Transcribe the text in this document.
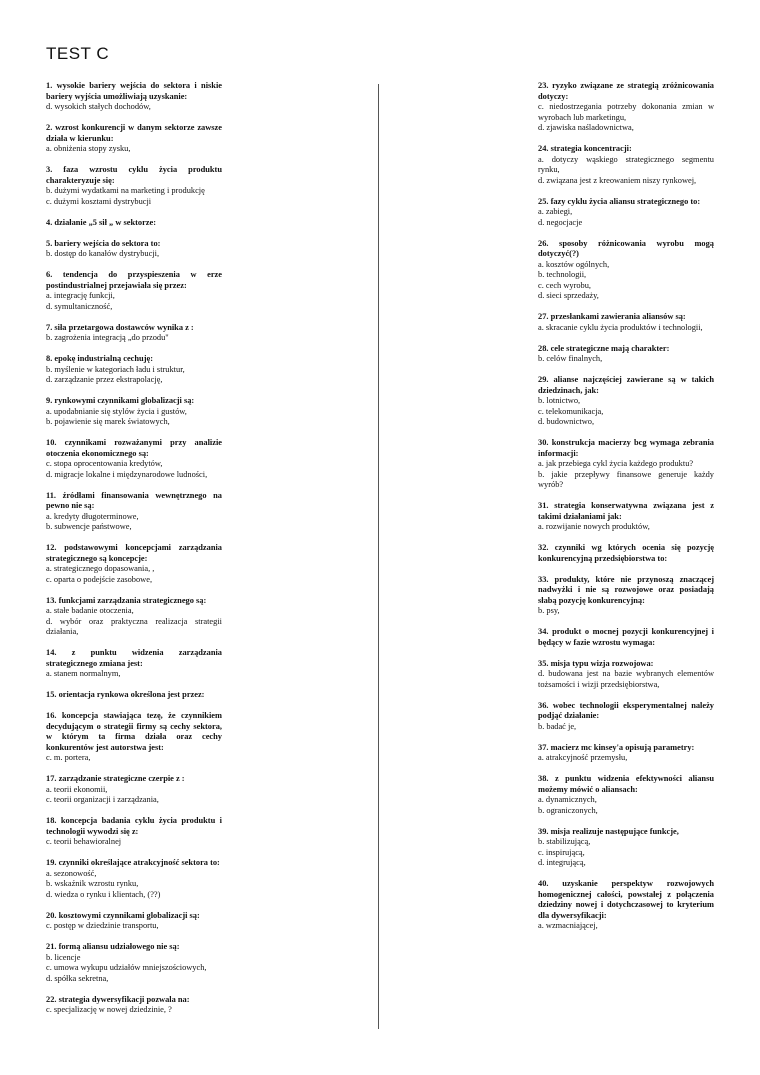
TEST C
1. wysokie bariery wejścia do sektora i niskie bariery wyjścia umożliwiają uzyskanie:
d. wysokich stałych dochodów,
2. wzrost konkurencji w danym sektorze zawsze działa w kierunku:
a. obniżenia stopy zysku,
3. faza wzrostu cyklu życia produktu charakteryzuje się:
b. dużymi wydatkami na marketing i produkcję
c. dużymi kosztami dystrybucji
4. działanie „5 sił „ w sektorze:
5. bariery wejścia do sektora to:
b. dostęp do kanałów dystrybucji,
6. tendencja do przyspieszenia w erze postindustrialnej przejawiała się przez:
a. integrację funkcji,
d. symultaniczność,
7. siła przetargowa dostawców wynika z :
b. zagrożenia integracją „do przodu"
8. epokę industrialną cechuję:
b. myślenie w kategoriach ładu i struktur,
d. zarządzanie przez ekstrapolację,
9. rynkowymi czynnikami globalizacji są:
a. upodabnianie się stylów życia i gustów,
b. pojawienie się marek światowych,
10. czynnikami rozważanymi przy analizie otoczenia ekonomicznego są:
c. stopa oprocentowania kredytów,
d. migracje lokalne i międzynarodowe ludności,
11. źródłami finansowania wewnętrznego na pewno nie są:
a. kredyty długoterminowe,
b. subwencje państwowe,
12. podstawowymi koncepcjami zarządzania strategicznego są koncepcje:
a. strategicznego dopasowania, ,
c. oparta o podejście zasobowe,
13. funkcjami zarządzania strategicznego są:
a. stałe badanie otoczenia,
d. wybór oraz praktyczna realizacja strategii działania,
14. z punktu widzenia zarządzania strategicznego zmiana jest:
a. stanem normalnym,
15. orientacja rynkowa określona jest przez:
16. koncepcja stawiająca tezę, że czynnikiem decydującym o strategii firmy są cechy sektora, w którym ta firma działa oraz cechy konkurentów jest autorstwa jest:
c. m. portera,
17. zarządzanie strategiczne czerpie z :
a. teorii ekonomii,
c. teorii organizacji i zarządzania,
18. koncepcja badania cyklu życia produktu i technologii wywodzi się z:
c. teorii behawioralnej
19. czynniki określające atrakcyjność sektora to:
a. sezonowość,
b. wskaźnik wzrostu rynku,
d. wiedza o rynku i klientach, (??)
20. kosztowymi czynnikami globalizacji są:
c. postęp w dziedzinie transportu,
21. formą aliansu udziałowego nie są:
b. licencje
c. umowa wykupu udziałów mniejszościowych,
d. spółka sekretna,
22. strategia dywersyfikacji pozwala na:
c. specjalizację w nowej dziedzinie, ?
23. ryzyko związane ze strategią zróżnicowania dotyczy:
c. niedostrzegania potrzeby dokonania zmian w wyrobach lub marketingu,
d. zjawiska naśladownictwa,
24. strategia koncentracji:
a. dotyczy wąskiego strategicznego segmentu rynku,
d. związana jest z kreowaniem niszy rynkowej,
25. fazy cyklu życia aliansu strategicznego to:
a. zabiegi,
d. negocjacje
26. sposoby różnicowania wyrobu mogą dotyczyć(?)
a. kosztów ogólnych,
b. technologii,
c. cech wyrobu,
d. sieci sprzedaży,
27. przesłankami zawierania aliansów są:
a. skracanie cyklu życia produktów i technologii,
28. cele strategiczne mają charakter:
b. celów finalnych,
29. alianse najczęściej zawierane są w takich dziedzinach, jak:
b. lotnictwo,
c. telekomunikacja,
d. budownictwo,
30. konstrukcja macierzy bcg wymaga zebrania informacji:
a. jak przebiega cykl życia każdego produktu?
b. jakie przepływy finansowe generuje każdy wyrób?
31. strategia konserwatywna związana jest z takimi działaniami jak:
a. rozwijanie nowych produktów,
32. czynniki wg których ocenia się pozycję konkurencyjną przedsiębiorstwa to:
33. produkty, które nie przynoszą znaczącej nadwyżki i nie są rozwojowe oraz posiadają słabą pozycję konkurencyjną:
b. psy,
34. produkt o mocnej pozycji konkurencyjnej i będący w fazie wzrostu wymaga:
35. misja typu wizja rozwojowa:
d. budowana jest na bazie wybranych elementów tożsamości i wizji przedsiębiorstwa,
36. wobec technologii eksperymentalnej należy podjąć działanie:
b. badać je,
37. macierz mc kinsey'a opisują parametry:
a. atrakcyjność przemysłu,
38. z punktu widzenia efektywności aliansu możemy mówić o aliansach:
a. dynamicznych,
b. ograniczonych,
39. misja realizuje następujące funkcje,
b. stabilizującą,
c. inspirującą,
d. integrującą,
40. uzyskanie perspektyw rozwojowych homogenicznej całości, powstałej z połączenia dziedziny nowej i dotychczasowej to kryterium dla dywersyfikacji:
a. wzmacniającej,
